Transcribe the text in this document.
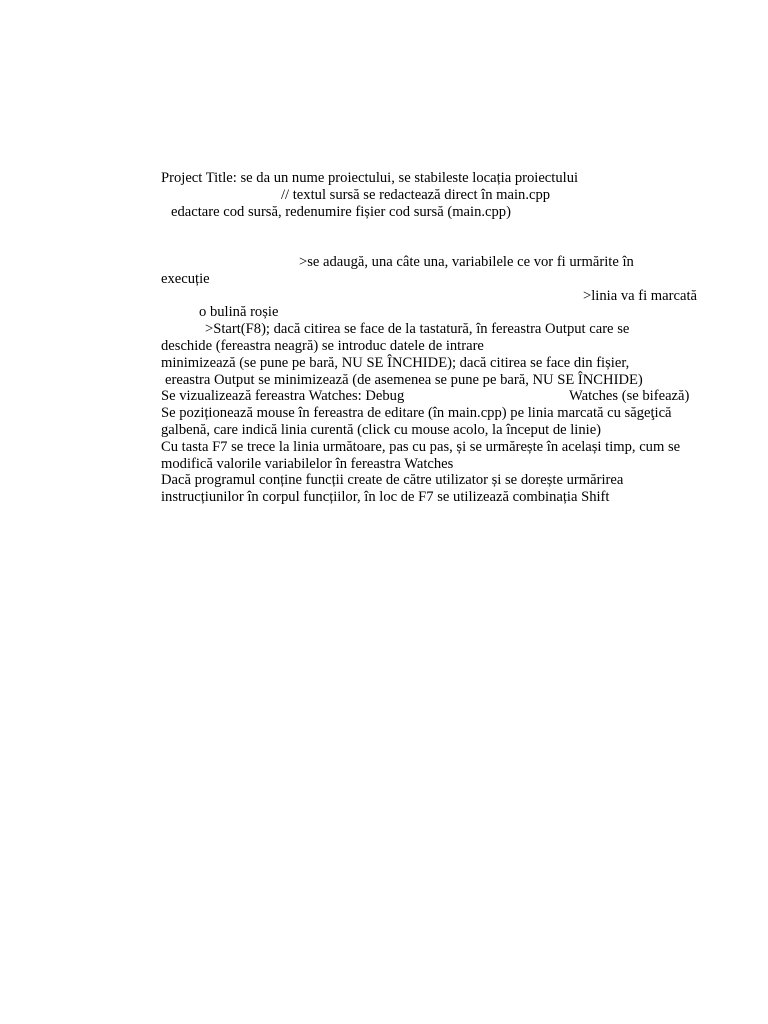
Project Title: se da un nume proiectului, se stabileste locația proiectului
// textul sursă se redactează direct în main.cpp
edactare cod sursă, redenumire fișier cod sursă (main.cpp)
>se adaugă, una câte una, variabilele ce vor fi urmărite în
execuție
>linia va fi marcată
o bulină roșie
>Start(F8); dacă citirea se face de la tastatură, în fereastra Output care se
deschide (fereastra neagră) se introduc datele de intrare
minimizează (se pune pe bară, NU SE ÎNCHIDE); dacă citirea se face din fișier,
ereastra Output se minimizează (de asemenea se pune pe bară, NU SE ÎNCHIDE)
Se vizualizează fereastra Watches: Debug	Watches (se bifează)
Se poziționează mouse în fereastra de editare (în main.cpp) pe linia marcată cu săgeţică
galbenă, care indică linia curentă (click cu mouse acolo, la început de linie)
Cu tasta F7 se trece la linia următoare, pas cu pas, și se urmărește în același timp, cum se
modifică valorile variabilelor în fereastra Watches
Dacă programul conține funcții create de către utilizator și se dorește urmărirea
instrucțiunilor în corpul funcțiilor, în loc de F7 se utilizează combinația Shift
